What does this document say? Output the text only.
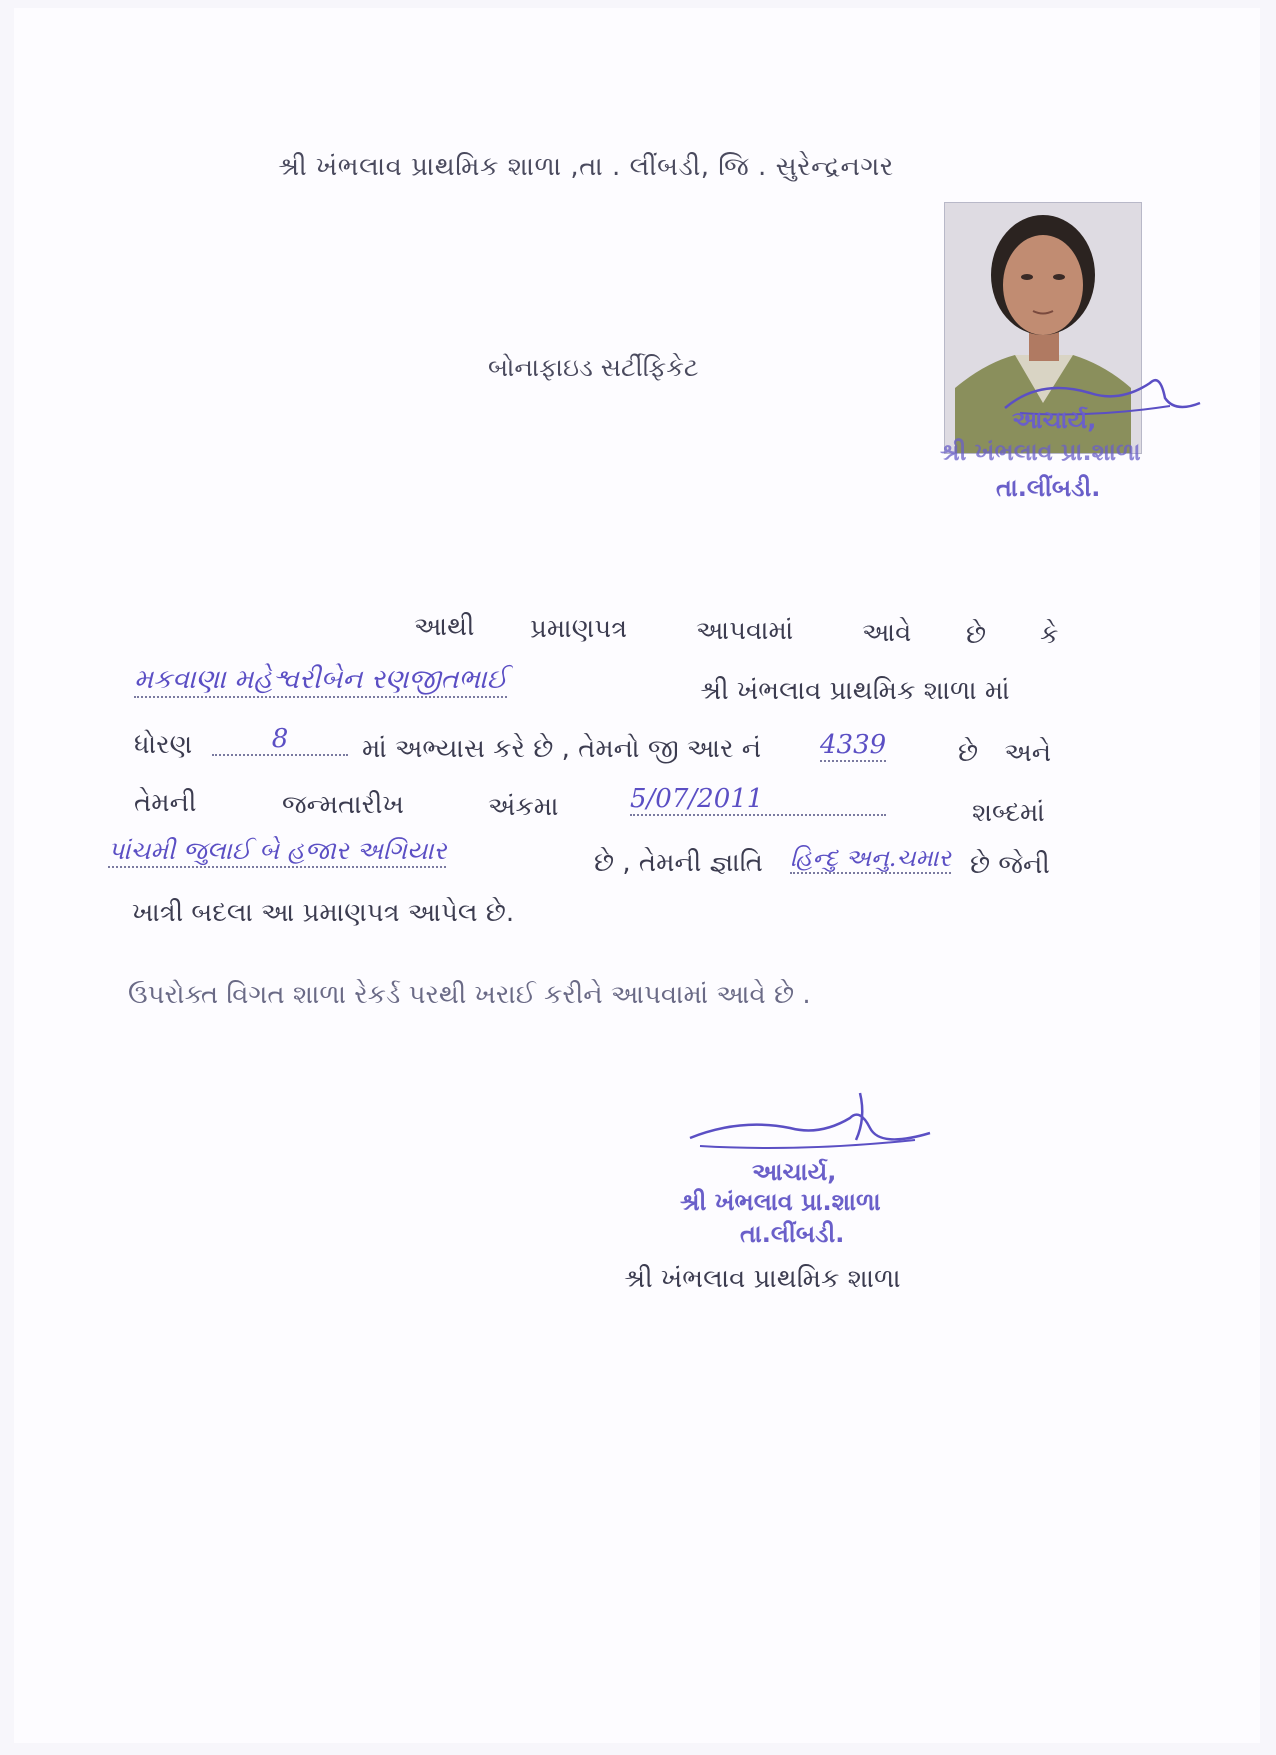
શ્રી ખંભલાવ પ્રાથમિક શાળા ,તા . લીંબડી, જિ . સુરેન્દ્રનગર
બોનાફાઇડ સર્ટીફિકેટ
આચાર્ય,
શ્રી ખંભલાવ પ્રા.શાળા
તા.લીંબડી.
આથી પ્રમાણપત્ર	આપવામાં	આવે છે કે
મકવાણા મહેશ્વરીબેન રણજીતભાઈ	શ્રી ખંભલાવ પ્રાથમિક શાળા માં
ધોરણ	8	માં અભ્યાસ કરે છે , તેમનો જી આર નં 4339	છે અને
તેમની	જન્મતારીખ	અંકમા	5/07/2011	શબ્દમાં
પાંચમી જુલાઈ બે હજાર અગિયાર	છે , તેમની જ્ઞાતિ હિન્દુ અનુ.ચમાર છે જેની
ખાત્રી બદલા આ પ્રમાણપત્ર આપેલ છે.
ઉપરોક્ત વિગત શાળા રેકર્ડ પરથી ખરાઈ કરીને આપવામાં આવે છે .
આચાર્ય,
શ્રી ખંભલાવ પ્રા.શાળા
તા.લીંબડી.
શ્રી ખંભલાવ પ્રાથમિક શાળા
